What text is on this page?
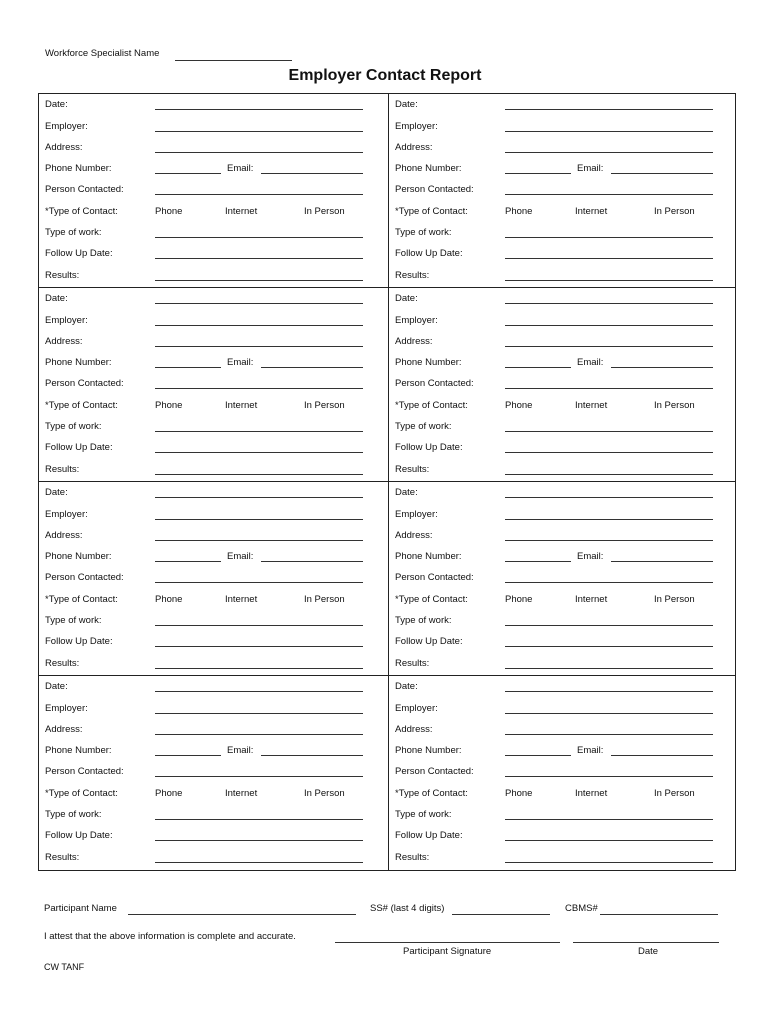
Workforce Specialist Name
Employer Contact Report
Date:
Employer:
Address:
Person Contacted:
Type of work:
Follow Up Date:
Results:
Phone Number:	Email:
*Type of Contact:	Phone	Internet	In Person
Date:
Employer:
Address:
Person Contacted:
Type of work:
Follow Up Date:
Results:
Phone Number:	Email:
*Type of Contact:	Phone	Internet	In Person
Date:
Employer:
Address:
Person Contacted:
Type of work:
Follow Up Date:
Results:
Phone Number:	Email:
*Type of Contact:	Phone	Internet	In Person
Date:
Employer:
Address:
Person Contacted:
Type of work:
Follow Up Date:
Results:
Phone Number:	Email:
*Type of Contact:	Phone	Internet	In Person
Date:
Employer:
Address:
Person Contacted:
Type of work:
Follow Up Date:
Results:
Phone Number:	Email:
*Type of Contact:	Phone	Internet	In Person
Date:
Employer:
Address:
Person Contacted:
Type of work:
Follow Up Date:
Results:
Phone Number:	Email:
*Type of Contact:	Phone	Internet	In Person
Date:
Employer:
Address:
Person Contacted:
Type of work:
Follow Up Date:
Results:
Phone Number:	Email:
*Type of Contact:	Phone	Internet	In Person
Date:
Employer:
Address:
Person Contacted:
Type of work:
Follow Up Date:
Results:
Phone Number:	Email:
*Type of Contact:	Phone	Internet	In Person
Participant Name	SS# (last 4 digits)	CBMS#
I attest that the above information is complete and accurate.
Participant Signature	Date
CW TANF
